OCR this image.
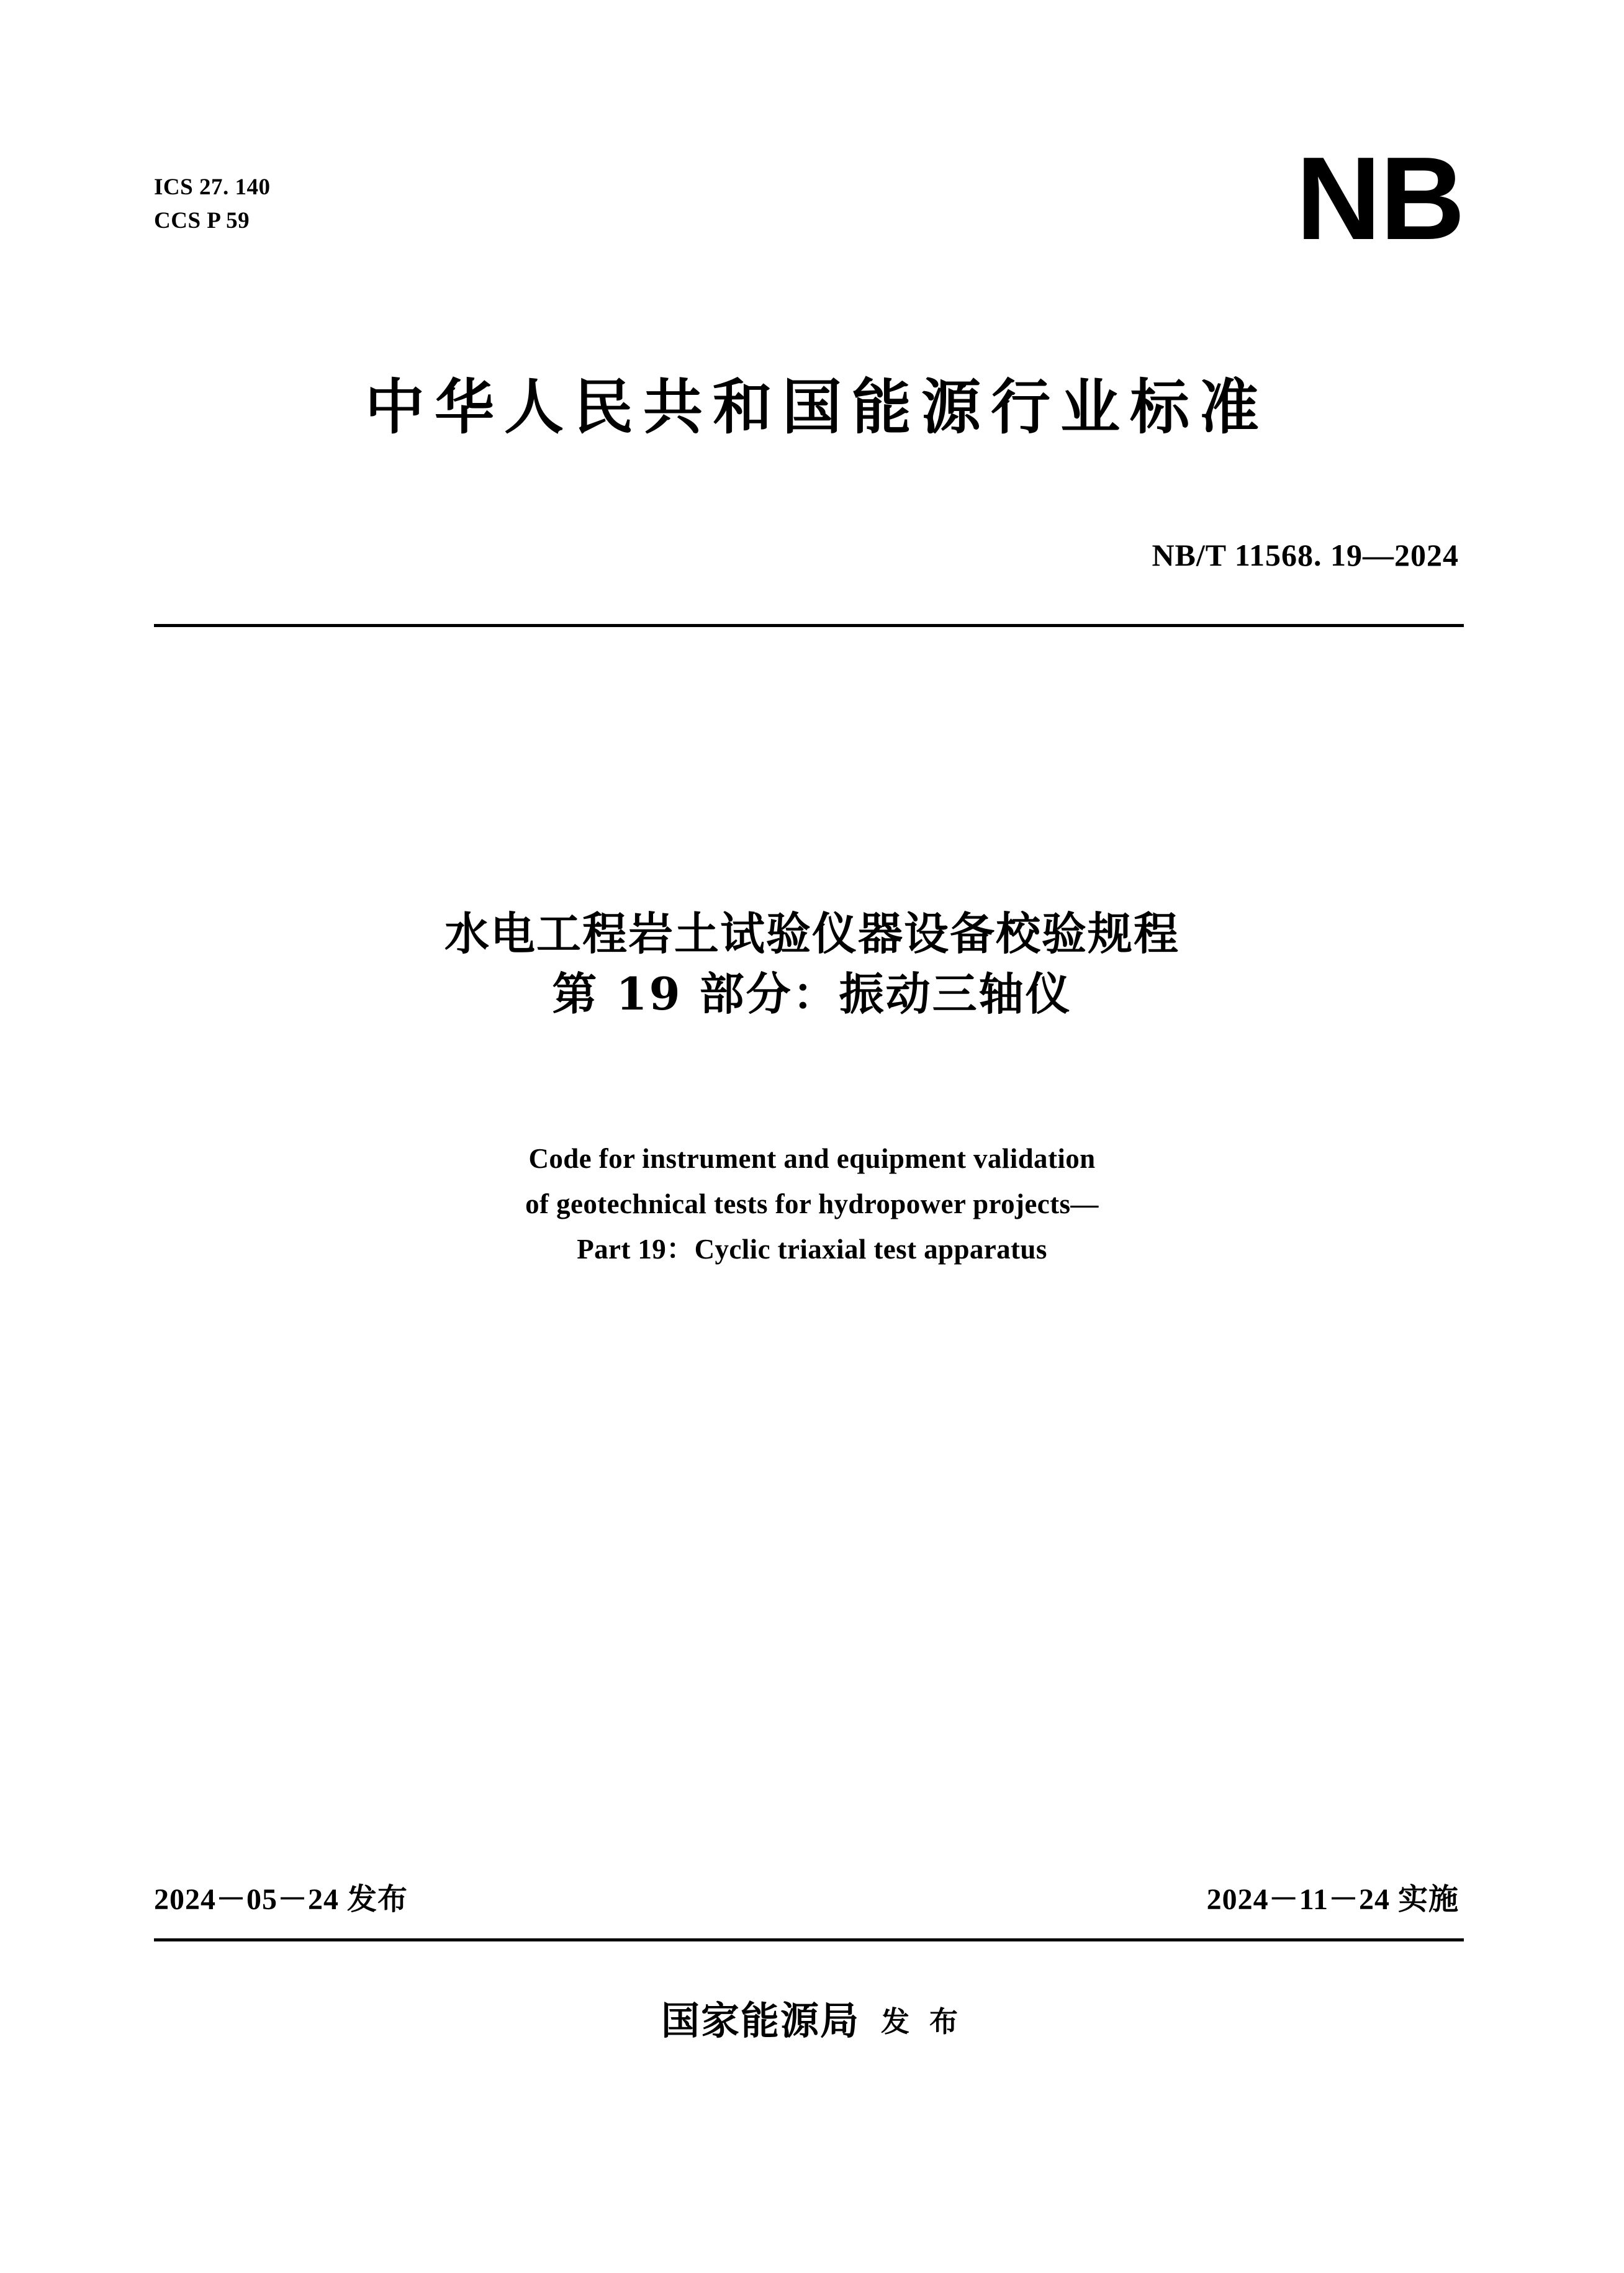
ICS 27. 140
CCS P 59	NB
中华人民共和国能源行业标准
NB/T 11568. 19—2024
水电工程岩土试验仪器设备校验规程
第 19 部分：振动三轴仪
Code for instrument and equipment validation
of geotechnical tests for hydropower projects—
Part 19：Cyclic triaxial test apparatus
2024－05－24 发布	2024－11－24 实施
国家能源局 发 布
